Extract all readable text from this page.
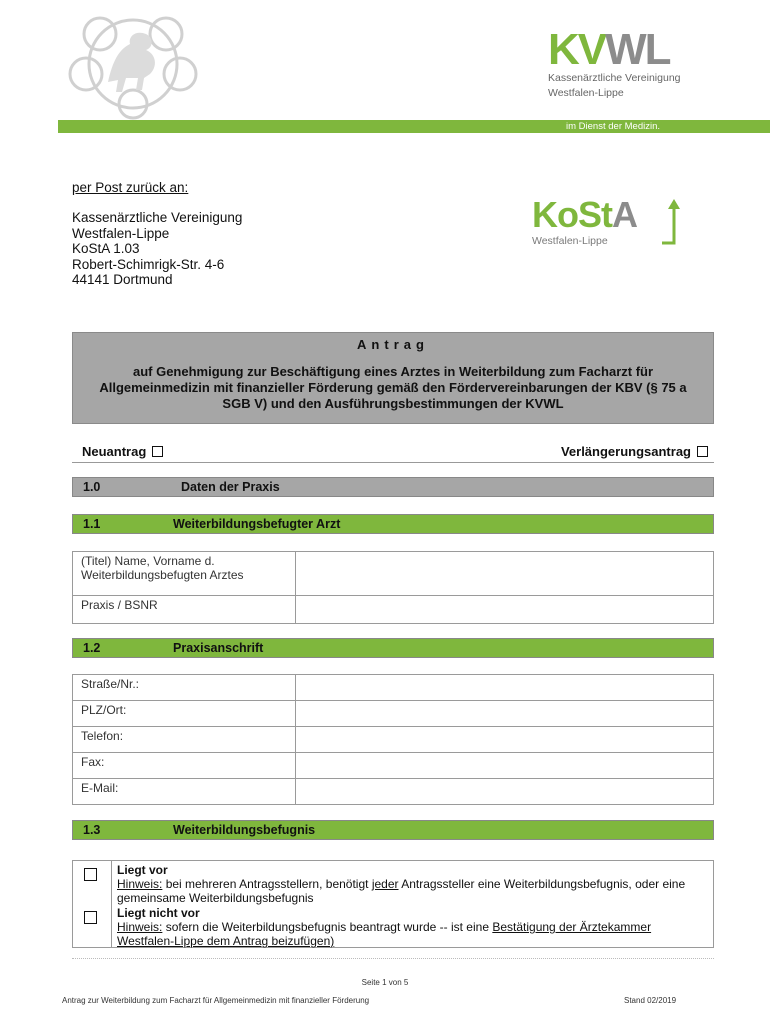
KVWL
Kassenärztliche Vereinigung
Westfalen-Lippe
im Dienst der Medizin.
per Post zurück an:
Kassenärztliche Vereinigung
Westfalen-Lippe
KoStA 1.03
Robert-Schimrigk-Str. 4-6
44141 Dortmund
KoStA
Westfalen-Lippe
Antrag
auf Genehmigung zur Beschäftigung eines Arztes in Weiterbildung zum Facharzt für Allgemeinmedizin mit finanzieller Förderung gemäß den Fördervereinbarungen der KBV (§ 75 a SGB V) und den Ausführungsbestimmungen der KVWL
Neuantrag	Verlängerungsantrag
1.0	Daten der Praxis
1.1	Weiterbildungsbefugter Arzt
(Titel) Name, Vorname d. Weiterbildungsbefugten Arztes	
Praxis / BSNR	
1.2	Praxisanschrift
Straße/Nr.:	
PLZ/Ort:	
Telefon:	
Fax:	
E-Mail:	
1.3	Weiterbildungsbefugnis
Liegt vor
Hinweis: bei mehreren Antragsstellern, benötigt jeder Antragssteller eine Weiterbildungsbefugnis, oder eine gemeinsame Weiterbildungsbefugnis
Liegt nicht vor
Hinweis: sofern die Weiterbildungsbefugnis beantragt wurde -- ist eine Bestätigung der Ärztekammer Westfalen-Lippe dem Antrag beizufügen)
Seite 1 von 5
Antrag zur Weiterbildung zum Facharzt für Allgemeinmedizin mit finanzieller Förderung	Stand 02/2019
